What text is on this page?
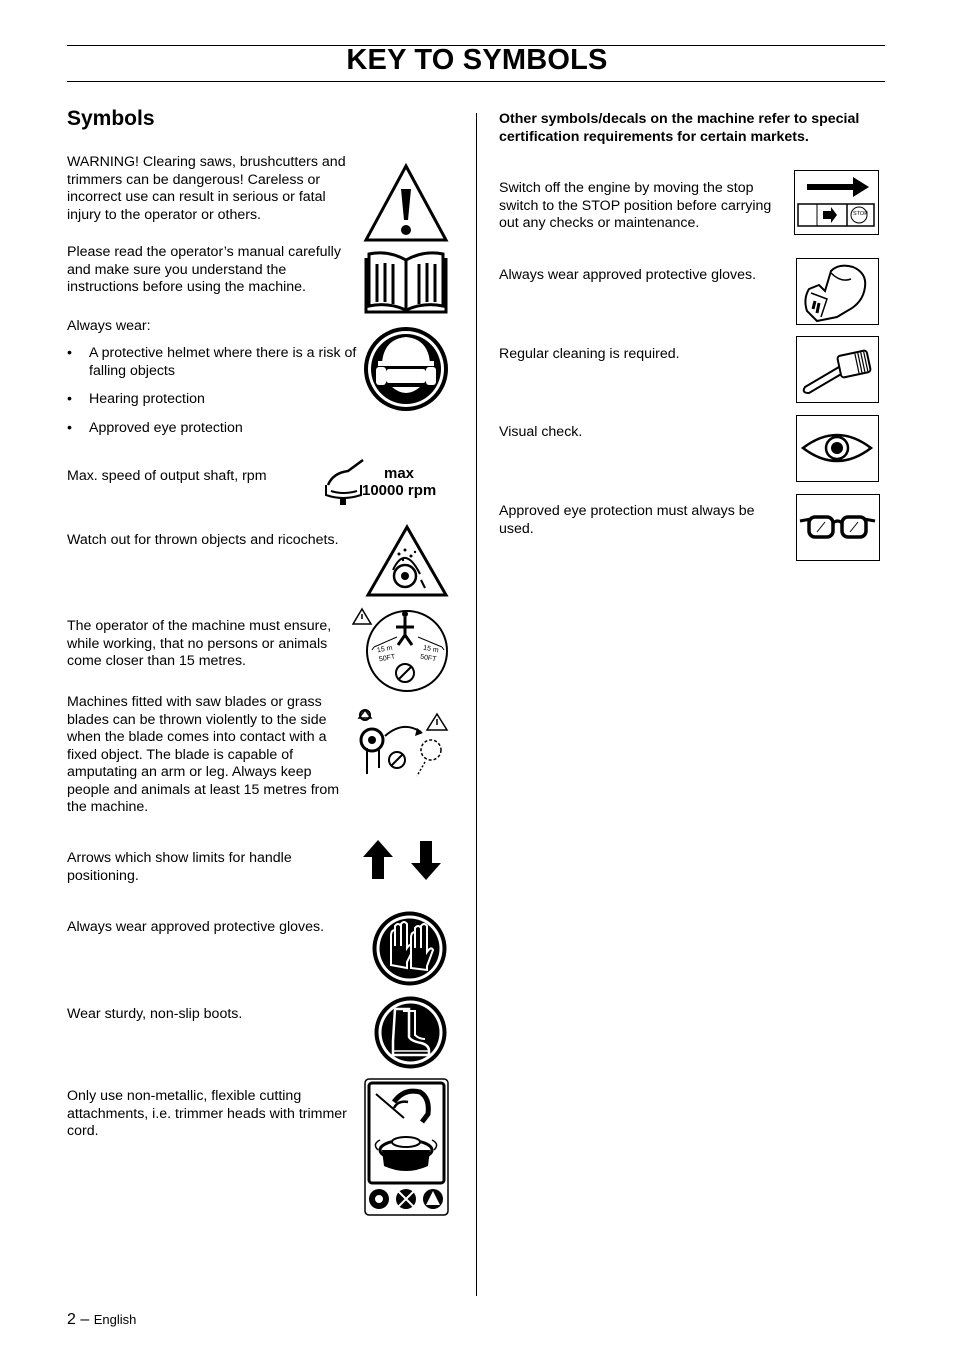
KEY TO SYMBOLS
Symbols
WARNING! Clearing saws, brushcutters and trimmers can be dangerous! Careless or incorrect use can result in serious or fatal injury to the operator or others.
Please read the operator’s manual carefully and make sure you understand the instructions before using the machine.
Always wear:
• A protective helmet where there is a risk of falling objects
• Hearing protection
• Approved eye protection
Max. speed of output shaft, rpm
Watch out for thrown objects and ricochets.
The operator of the machine must ensure, while working, that no persons or animals come closer than 15 metres.
Machines fitted with saw blades or grass blades can be thrown violently to the side when the blade comes into contact with a fixed object. The blade is capable of amputating an arm or leg. Always keep people and animals at least 15 metres from the machine.
Arrows which show limits for handle positioning.
Always wear approved protective gloves.
Wear sturdy, non-slip boots.
Only use non-metallic, flexible cutting attachments, i.e. trimmer heads with trimmer cord.
max
10000 rpm
15 m
50FT
15 m
50FT
Other symbols/decals on the machine refer to special certification requirements for certain markets.
Switch off the engine by moving the stop switch to the STOP position before carrying out any checks or maintenance.
Always wear approved protective gloves.
Regular cleaning is required.
Visual check.
Approved eye protection must always be used.
STOP
2 – English
